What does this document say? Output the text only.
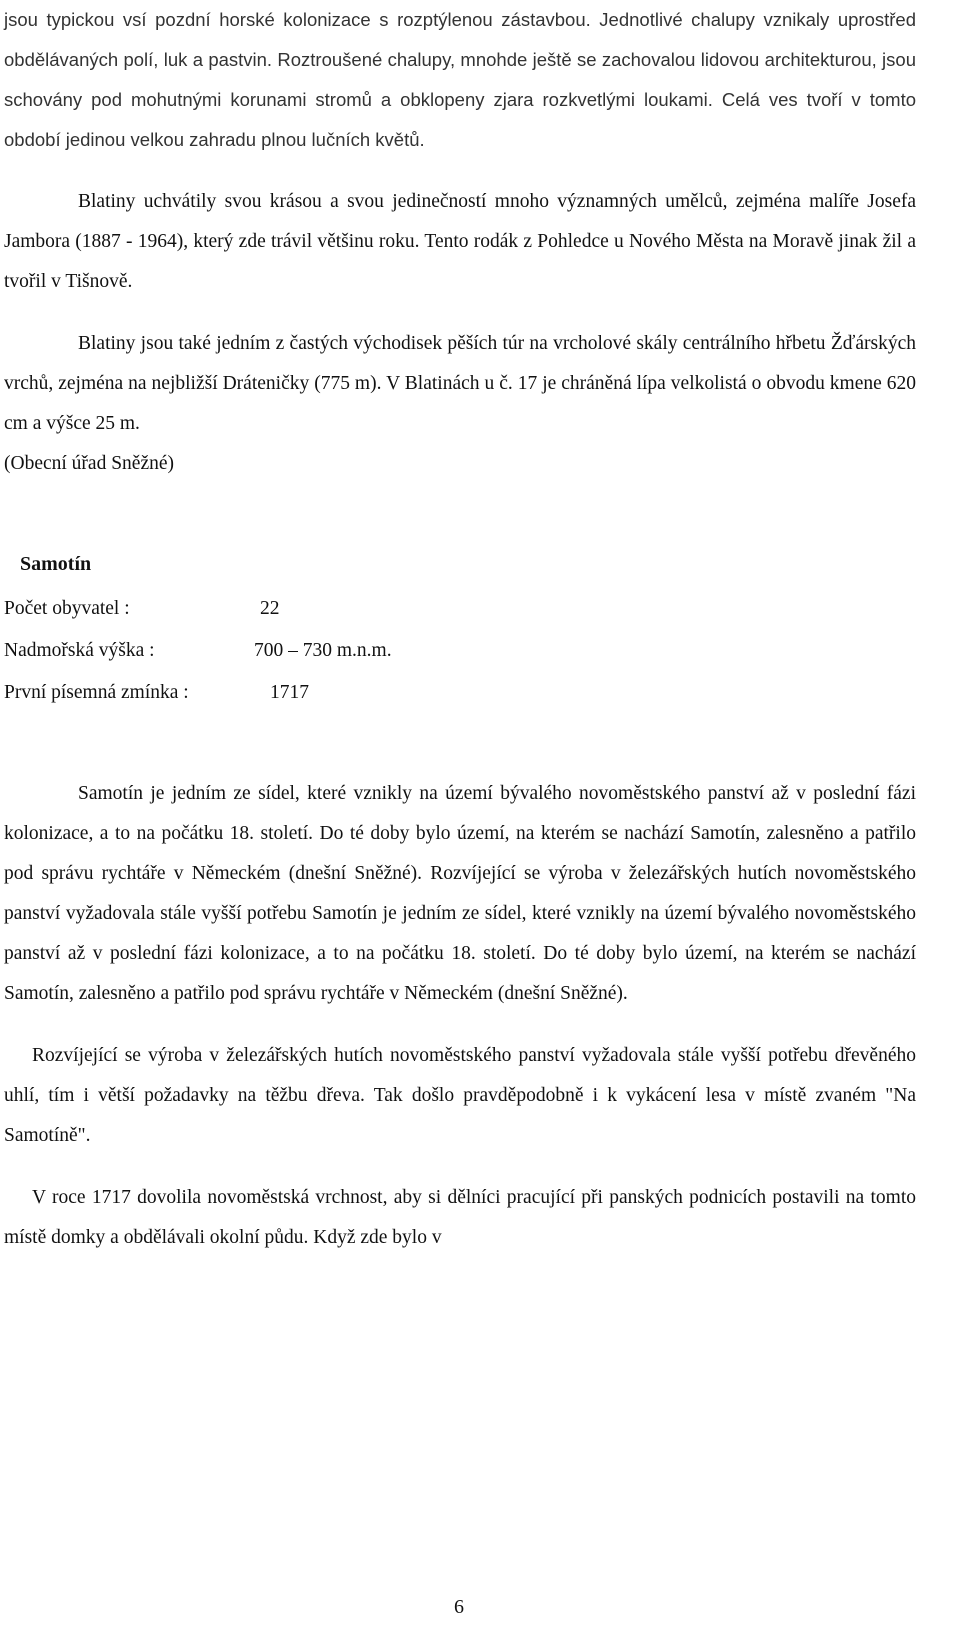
jsou typickou vsí pozdní horské kolonizace s rozptýlenou zástavbou. Jednotlivé chalupy vznikaly uprostřed obdělávaných polí, luk a pastvin. Roztroušené chalupy, mnohde ještě se zachovalou lidovou architekturou, jsou schovány pod mohutnými korunami stromů a obklopeny zjara rozkvetlými loukami. Celá ves tvoří v tomto období jedinou velkou zahradu plnou lučních květů.

Blatiny uchvátily svou krásou a svou jedinečností mnoho významných umělců, zejména malíře Josefa Jambora (1887 - 1964), který zde trávil většinu roku. Tento rodák z Pohledce u Nového Města na Moravě jinak žil a tvořil v Tišnově.

Blatiny jsou také jedním z častých východisek pěších túr na vrcholové skály centrálního hřbetu Žďárských vrchů, zejména na nejbližší Dráteničky (775 m). V Blatinách u č. 17 je chráněná lípa velkolistá o obvodu kmene 620 cm a výšce 25 m.

(Obecní úřad Sněžné)

Samotín
Počet obyvatel :	22
Nadmořská výška :	700 – 730 m.n.m.
První písemná zmínka :	1717

Samotín je jedním ze sídel, které vznikly na území bývalého novoměstského panství až v poslední fázi kolonizace, a to na počátku 18. století. Do té doby bylo území, na kterém se nachází Samotín, zalesněno a patřilo pod správu rychtáře v Německém (dnešní Sněžné). Rozvíjející se výroba v železářských hutích novoměstského panství vyžadovala stále vyšší potřebu Samotín je jedním ze sídel, které vznikly na území bývalého novoměstského panství až v poslední fázi kolonizace, a to na počátku 18. století. Do té doby bylo území, na kterém se nachází Samotín, zalesněno a patřilo pod správu rychtáře v Německém (dnešní Sněžné).

Rozvíjející se výroba v železářských hutích novoměstského panství vyžadovala stále vyšší potřebu dřevěného uhlí, tím i větší požadavky na těžbu dřeva. Tak došlo pravděpodobně i k vykácení lesa v místě zvaném "Na Samotíně".

V roce 1717 dovolila novoměstská vrchnost, aby si dělníci pracující při panských podnicích postavili na tomto místě domky a obdělávali okolní půdu. Když zde bylo v

6
